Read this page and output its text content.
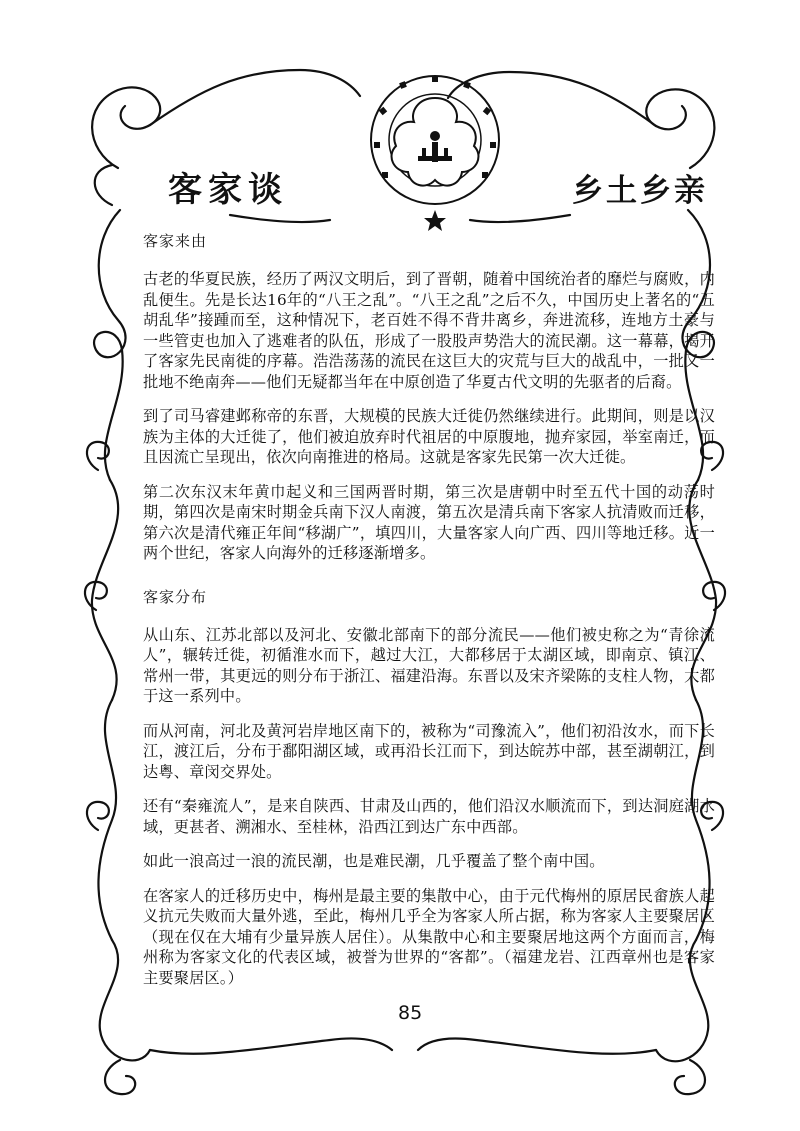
客家谈	乡土乡亲
客家来由

古老的华夏民族，经历了两汉文明后，到了晋朝，随着中国统治者的靡烂与腐败，内乱便生。先是长达16年的“八王之乱”。“八王之乱”之后不久，中国历史上著名的“五胡乱华”接踵而至，这种情况下，老百姓不得不背井离乡，奔进流移，连地方土豪与一些管吏也加入了逃难者的队伍，形成了一股股声势浩大的流民潮。这一幕幕，揭开了客家先民南徙的序幕。浩浩荡荡的流民在这巨大的灾荒与巨大的战乱中，一批又一批地不绝南奔——他们无疑都当年在中原创造了华夏古代文明的先驱者的后裔。

到了司马睿建邺称帝的东晋，大规模的民族大迁徙仍然继续进行。此期间，则是以汉族为主体的大迁徙了，他们被迫放弃时代祖居的中原腹地，抛弃家园，举室南迁，而且因流亡呈现出，依次向南推进的格局。这就是客家先民第一次大迁徙。

第二次东汉末年黄巾起义和三国两晋时期，第三次是唐朝中时至五代十国的动荡时期，第四次是南宋时期金兵南下汉人南渡，第五次是清兵南下客家人抗清败而迁移，第六次是清代雍正年间“移湖广”，填四川，大量客家人向广西、四川等地迁移。近一两个世纪，客家人向海外的迁移逐渐增多。

客家分布

从山东、江苏北部以及河北、安徽北部南下的部分流民——他们被史称之为“青徐流人”，辗转迁徙，初循淮水而下，越过大江，大都移居于太湖区域，即南京、镇江、常州一带，其更远的则分布于浙江、福建沿海。东晋以及宋齐梁陈的支柱人物，大都于这一系列中。

而从河南，河北及黄河岩岸地区南下的，被称为“司豫流入”，他们初沿汝水，而下长江，渡江后，分布于鄱阳湖区域，或再沿长江而下，到达皖苏中部，甚至湖朝江，到达粤、章闵交界处。

还有“秦雍流人”，是来自陕西、甘肃及山西的，他们沿汉水顺流而下，到达洞庭湖水域，更甚者、溯湘水、至桂林，沿西江到达广东中西部。

如此一浪高过一浪的流民潮，也是难民潮，几乎覆盖了整个南中国。

在客家人的迁移历史中，梅州是最主要的集散中心，由于元代梅州的原居民畲族人起义抗元失败而大量外逃，至此，梅州几乎全为客家人所占据，称为客家人主要聚居区（现在仅在大埔有少量异族人居住）。从集散中心和主要聚居地这两个方面而言，梅州称为客家文化的代表区域，被誉为世界的“客都”。（福建龙岩、江西章州也是客家主要聚居区。）

85
